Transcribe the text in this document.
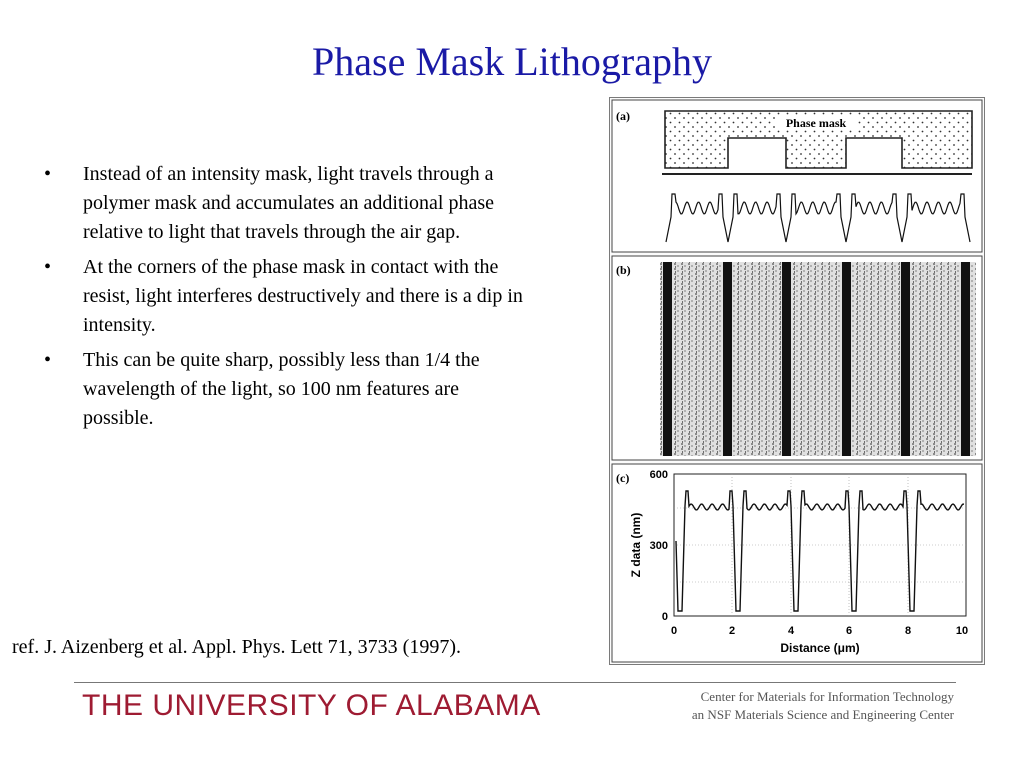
Phase Mask Lithography
• Instead of an intensity mask, light travels through a polymer mask and accumulates an additional phase relative to light that travels through the air gap.
• At the corners of the phase mask in contact with the resist, light interferes destructively and there is a dip in intensity.
• This can be quite sharp, possibly less than 1/4 the wavelength of the light, so 100 nm features are possible.
ref. J. Aizenberg et al. Appl. Phys. Lett 71, 3733 (1997).
(a)	Phase mask
(b)
(c) 600
300
0
0	2	4	6	8	10
Distance (μm)
Z data (nm)
THE UNIVERSITY OF ALABAMA	Center for Materials for Information Technology
an NSF Materials Science and Engineering Center
